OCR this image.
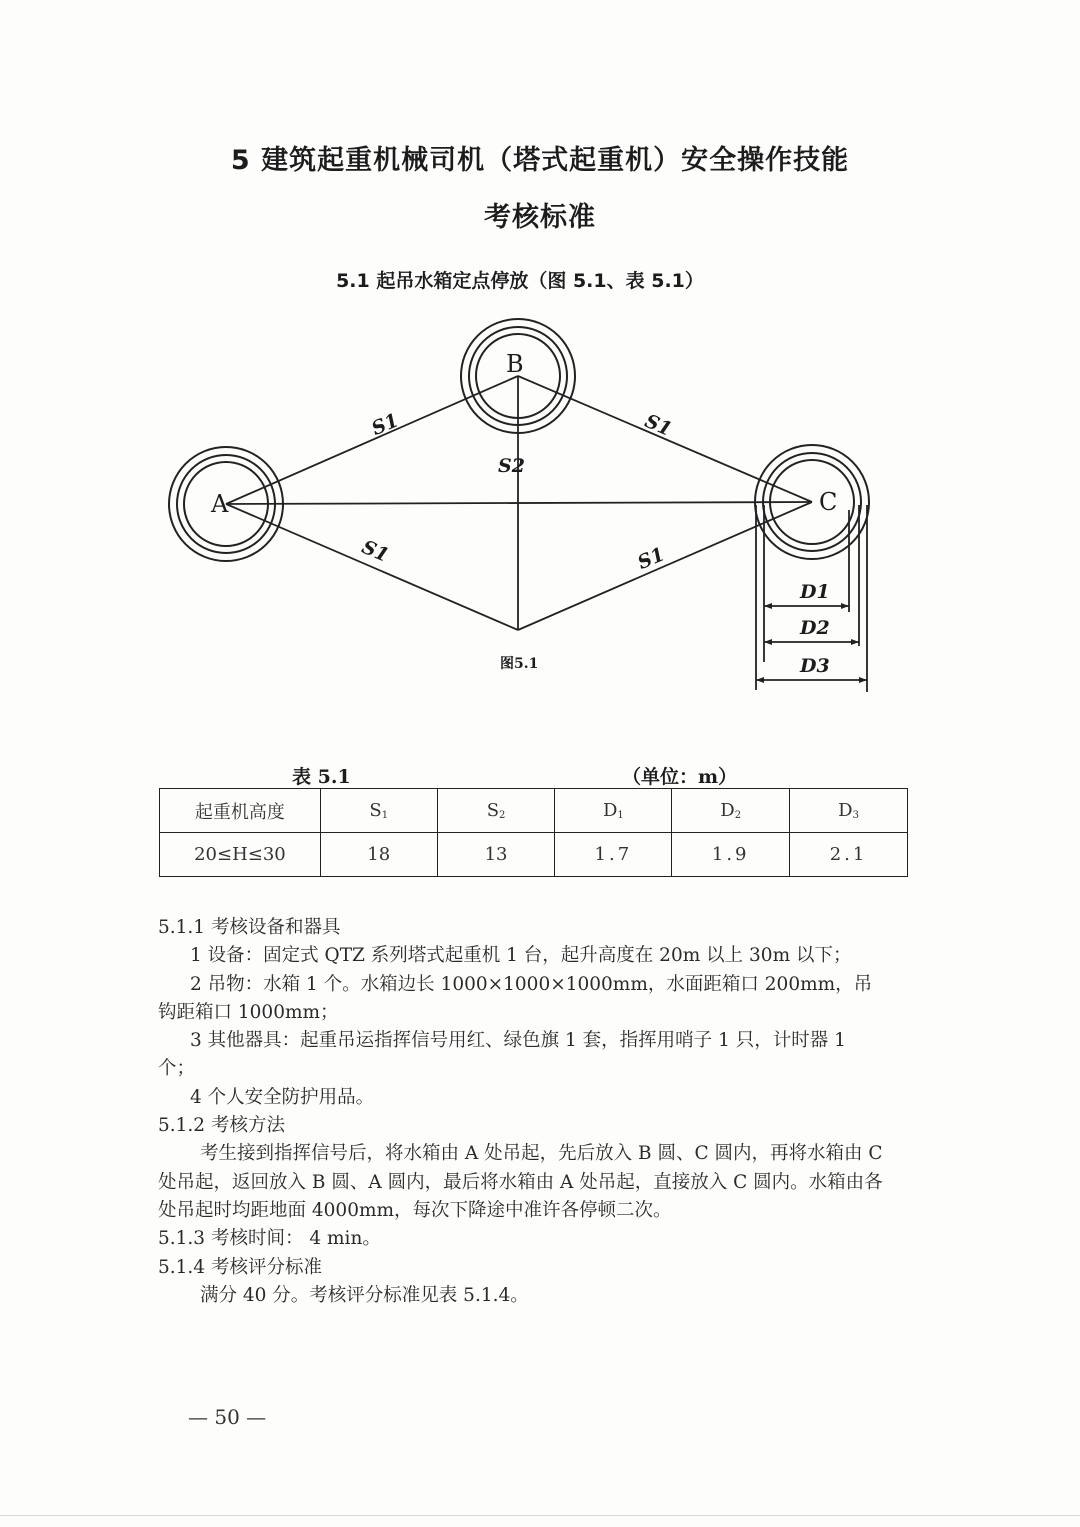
5 建筑起重机械司机（塔式起重机）安全操作技能
考核标准
5.1 起吊水箱定点停放（图 5.1、表 5.1）
A
B
C
S1	S1
S2
S1	S1
D1
D2
D3
图5.1
表 5.1	（单位：m）
起重机高度	$S_1$	$S_2$	$D_1$	$D_2$	$D_3$
20≤H≤30	18	13	1.7	1.9	2.1

5.1.1 考核设备和器具

1 设备：固定式 QTZ 系列塔式起重机 1 台，起升高度在 20m 以上 30m 以下；

2 吊物：水箱 1 个。水箱边长 1000×1000×1000mm，水面距箱口 200mm，吊钩距箱口 1000mm；

3 其他器具：起重吊运指挥信号用红、绿色旗 1 套，指挥用哨子 1 只，计时器 1 个；

4 个人安全防护用品。

5.1.2 考核方法

考生接到指挥信号后，将水箱由 A 处吊起，先后放入 B 圆、C 圆内，再将水箱由 C 处吊起，返回放入 B 圆、A 圆内，最后将水箱由 A 处吊起，直接放入 C 圆内。水箱由各处吊起时均距地面 4000mm，每次下降途中准许各停顿二次。

5.1.3 考核时间： 4 min。

5.1.4 考核评分标准

满分 40 分。考核评分标准见表 5.1.4。

— 50 —
